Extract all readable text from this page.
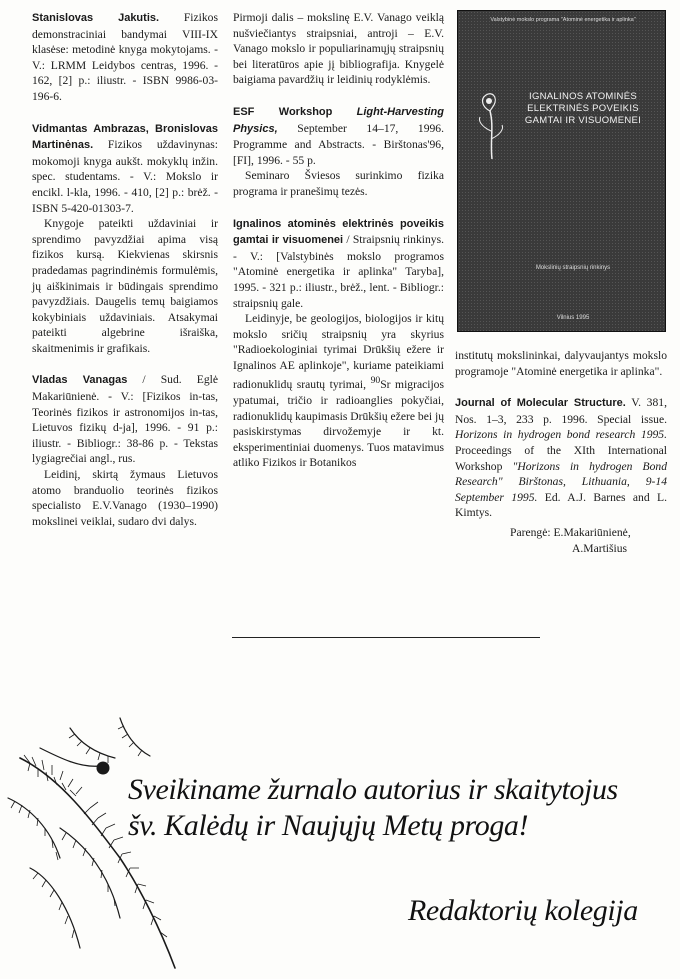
Stanislovas Jakutis. Fizikos demonstraciniai bandymai VIII-IX klasėse: metodinė knyga mokytojams. - V.: LRMM Leidybos centras, 1996. - 162, [2] p.: iliustr. - ISBN 9986-03-196-6.

Vidmantas Ambrazas, Bronislovas Martinėnas. Fizikos uždavinynas: mokomoji knyga aukšt. mokyklų inžin. spec. studentams. - V.: Mokslo ir encikl. l-kla, 1996. - 410, [2] p.: brėž. - ISBN 5-420-01303-7.

Knygoje pateikti uždaviniai ir sprendimo pavyzdžiai apima visą fizikos kursą. Kiekvienas skirsnis pradedamas pagrindinėmis formulėmis, jų aiškinimais ir būdingais sprendimo pavyzdžiais. Daugelis temų baigiamos kokybiniais uždaviniais. Atsakymai pateikti algebrine išraiška, skaitmenimis ir grafikais.

Vladas Vanagas / Sud. Eglė Makariūnienė. - V.: [Fizikos in-tas, Teorinės fizikos ir astronomijos in-tas, Lietuvos fizikų d-ja], 1996. - 91 p.: iliustr. - Bibliogr.: 38-86 p. - Tekstas lygiagrečiai angl., rus.

Leidinį, skirtą žymaus Lietuvos atomo branduolio teorinės fizikos specialisto E.V.Vanago (1930–1990) mokslinei veiklai, sudaro dvi dalys.

Pirmoji dalis – mokslinę E.V. Vanago veiklą nušviečiantys straipsniai, antroji – E.V. Vanago mokslo ir populiarinamųjų straipsnių bei literatūros apie jį bibliografija. Knygelė baigiama pavardžių ir leidinių rodyklėmis.

ESF Workshop Light-Harvesting Physics, September 14–17, 1996. Programme and Abstracts. - Birštonas'96, [FI], 1996. - 55 p.

Seminaro Šviesos surinkimo fizika programa ir pranešimų tezės.

Ignalinos atominės elektrinės poveikis gamtai ir visuomenei / Straipsnių rinkinys. - V.: [Valstybinės mokslo programos "Atominė energetika ir aplinka" Taryba], 1995. - 321 p.: iliustr., brėž., lent. - Bibliogr.: straipsnių gale.

Leidinyje, be geologijos, biologijos ir kitų mokslo sričių straipsnių yra skyrius "Radioekologiniai tyrimai Drūkšių ežere ir Ignalinos AE aplinkoje", kuriame pateikiami radionuklidų srautų tyrimai, $^{90}$Sr migracijos ypatumai, tričio ir radioanglies pokyčiai, radionuklidų kaupimasis Drūkšių ežere bei jų pasiskirstymas dirvožemyje ir kt. eksperimentiniai duomenys. Tuos matavimus atliko Fizikos ir Botanikos

Valstybinė mokslo programa "Atominė energetika ir aplinka"
IGNALINOS ATOMINĖS ELEKTRINĖS POVEIKIS GAMTAI IR VISUOMENEI
Mokslinių straipsnių rinkinys
Vilnius 1995

institutų mokslininkai, dalyvaujantys mokslo programoje "Atominė energetika ir aplinka".

Journal of Molecular Structure. V. 381, Nos. 1–3, 233 p. 1996. Special issue. Horizons in hydrogen bond research 1995. Proceedings of the XIth International Workshop "Horizons in hydrogen Bond Research" Birštonas, Lithuania, 9-14 September 1995. Ed. A.J. Barnes and L. Kimtys.

Parengė: E.Makariūnienė,
A.Martišius
Sveikiname žurnalo autorius ir skaitytojus
šv. Kalėdų ir Naujųjų Metų proga!
Redaktorių kolegija
